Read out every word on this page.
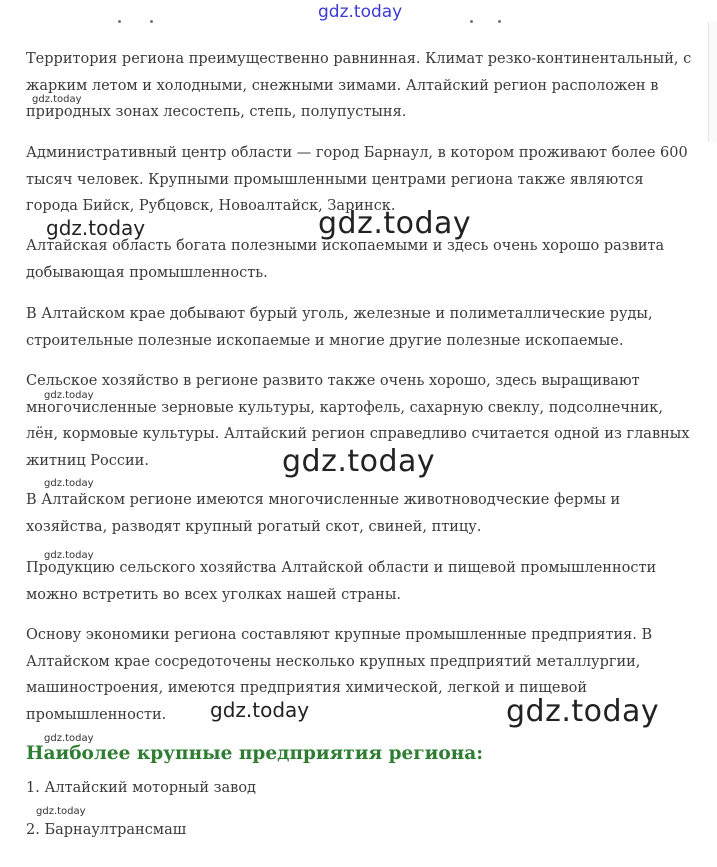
gdz.today

Территория региона преимущественно равнинная. Климат резко-континентальный, с жарким летом и холодными, снежными зимами. Алтайский регион расположен в природных зонах лесостепь, степь, полупустыня.

Административный центр области — город Барнаул, в котором проживают более 600 тысяч человек. Крупными промышленными центрами региона также являются города Бийск, Рубцовск, Новоалтайск, Заринск.

Алтайская область богата полезными ископаемыми и здесь очень хорошо развита добывающая промышленность.

В Алтайском крае добывают бурый уголь, железные и полиметаллические руды, строительные полезные ископаемые и многие другие полезные ископаемые.

Сельское хозяйство в регионе развито также очень хорошо, здесь выращивают многочисленные зерновые культуры, картофель, сахарную свеклу, подсолнечник, лён, кормовые культуры. Алтайский регион справедливо считается одной из главных житниц России.

В Алтайском регионе имеются многочисленные животноводческие фермы и хозяйства, разводят крупный рогатый скот, свиней, птицу.

Продукцию сельского хозяйства Алтайской области и пищевой промышленности можно встретить во всех уголках нашей страны.

Основу экономики региона составляют крупные промышленные предприятия. В Алтайском крае сосредоточены несколько крупных предприятий металлургии, машиностроения, имеются предприятия химической, легкой и пищевой промышленности.

Наиболее крупные предприятия региона:
1. Алтайский моторный завод
2. Барнаултрансмаш
gdz.today
gdz.today	gdz.today
gdz.today
gdz.today
gdz.today
gdz.today
gdz.today	gdz.today
gdz.today
gdz.today
